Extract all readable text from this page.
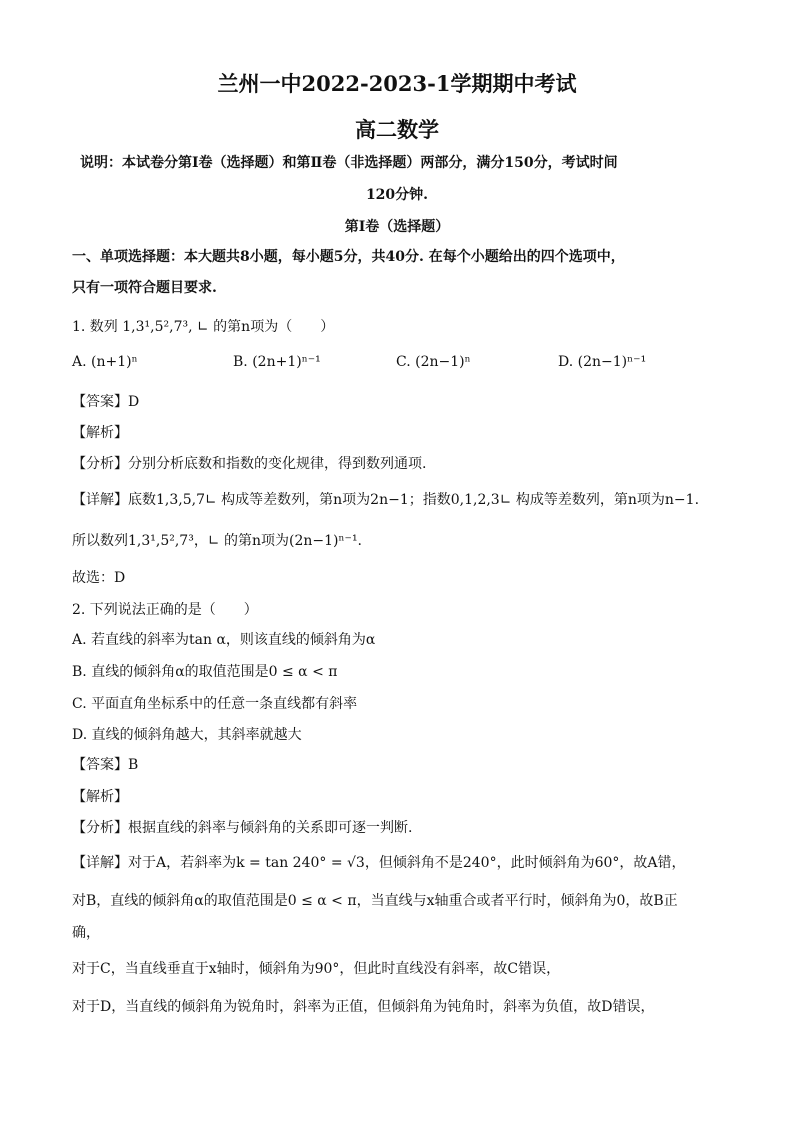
兰州一中2022-2023-1学期期中考试
高二数学
说明：本试卷分第Ⅰ卷（选择题）和第Ⅱ卷（非选择题）两部分，满分150分，考试时间
120分钟.
第Ⅰ卷（选择题）
一、单项选择题：本大题共8小题，每小题5分，共40分. 在每个小题给出的四个选项中，
只有一项符合题目要求.
1. 数列 1,3¹,5²,7³, ∟ 的第n项为（　　）
A. (n+1)ⁿ	B. (2n+1)ⁿ⁻¹	C. (2n−1)ⁿ	D. (2n−1)ⁿ⁻¹
【答案】D
【解析】
【分析】分别分析底数和指数的变化规律，得到数列通项.
【详解】底数1,3,5,7∟ 构成等差数列，第n项为2n−1；指数0,1,2,3∟ 构成等差数列，第n项为n−1.
所以数列1,3¹,5²,7³，∟ 的第n项为(2n−1)ⁿ⁻¹.
故选：D
2. 下列说法正确的是（　　）
A. 若直线的斜率为tan α，则该直线的倾斜角为α
B. 直线的倾斜角α的取值范围是0 ≤ α < π
C. 平面直角坐标系中的任意一条直线都有斜率
D. 直线的倾斜角越大，其斜率就越大
【答案】B
【解析】
【分析】根据直线的斜率与倾斜角的关系即可逐一判断.
【详解】对于A，若斜率为k = tan 240° = √3，但倾斜角不是240°，此时倾斜角为60°，故A错，
对B，直线的倾斜角α的取值范围是0 ≤ α < π，当直线与x轴重合或者平行时，倾斜角为0，故B正
确，
对于C，当直线垂直于x轴时，倾斜角为90°，但此时直线没有斜率，故C错误，
对于D，当直线的倾斜角为锐角时，斜率为正值，但倾斜角为钝角时，斜率为负值，故D错误，
